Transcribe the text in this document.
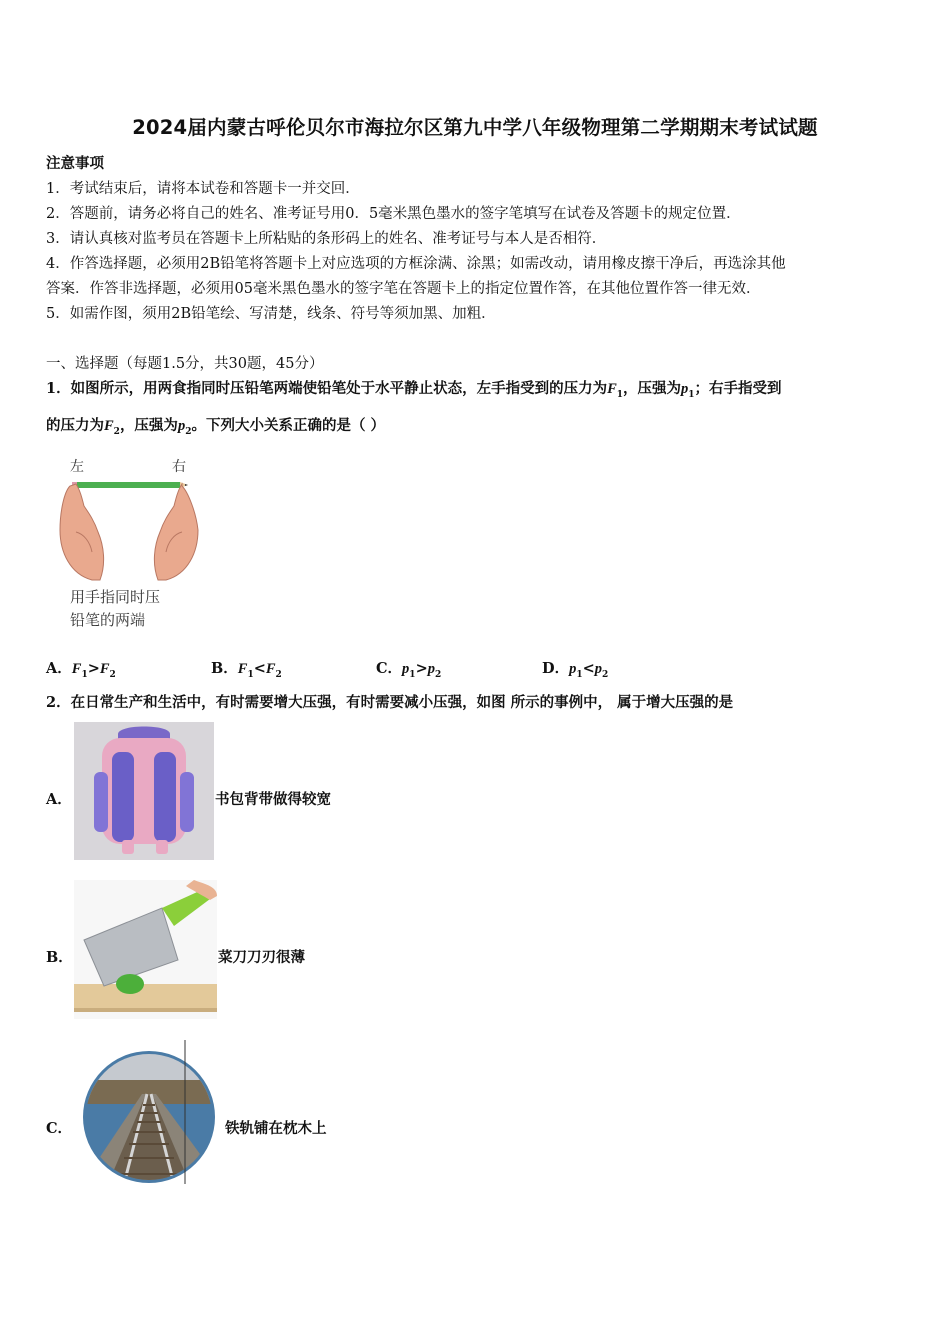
2024届内蒙古呼伦贝尔市海拉尔区第九中学八年级物理第二学期期末考试试题
注意事项
1．考试结束后，请将本试卷和答题卡一并交回．
2．答题前，请务必将自己的姓名、准考证号用0．5毫米黑色墨水的签字笔填写在试卷及答题卡的规定位置．
3．请认真核对监考员在答题卡上所粘贴的条形码上的姓名、准考证号与本人是否相符．
4．作答选择题，必须用2B铅笔将答题卡上对应选项的方框涂满、涂黑；如需改动，请用橡皮擦干净后，再选涂其他
答案．作答非选择题，必须用05毫米黑色墨水的签字笔在答题卡上的指定位置作答，在其他位置作答一律无效．
5．如需作图，须用2B铅笔绘、写清楚，线条、符号等须加黑、加粗．
一、选择题（每题1.5分，共30题，45分）
1．如图所示，用两食指同时压铅笔两端使铅笔处于水平静止状态，左手指受到的压力为$F_1$，压强为$p_1$；右手指受到
的压力为$F_2$，压强为$p_2$。下列大小关系正确的是（ ）
左	右
用手指同时压
铅笔的两端
A．$F_1>F_2$	B．$F_1<F_2$	C．$p_1>p_2$	D．$p_1<p_2$
2．在日常生产和生活中，有时需要增大压强，有时需要减小压强，如图 所示的事例中， 属于增大压强的是
A．	书包背带做得较宽
B．	菜刀刀刃很薄
C．	铁轨铺在枕木上
